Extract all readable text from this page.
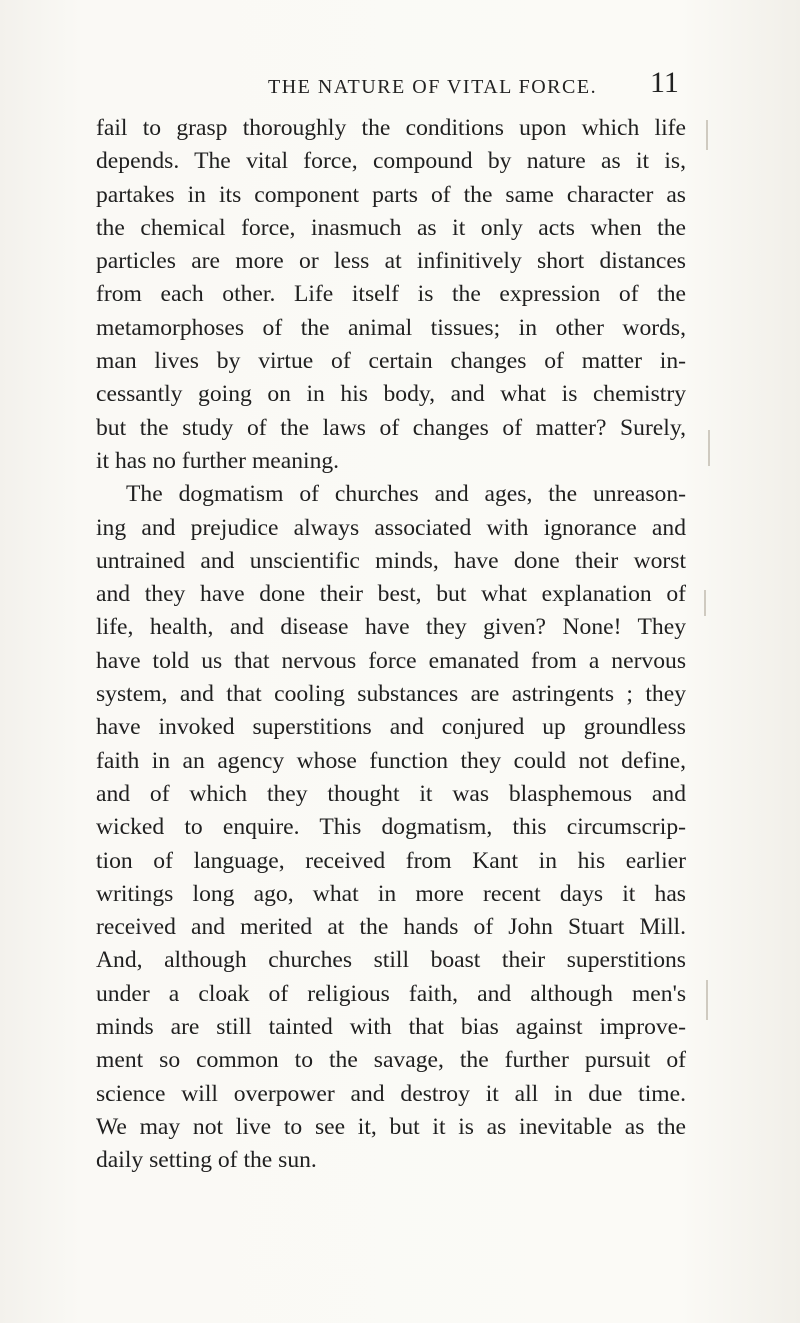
THE NATURE OF VITAL FORCE. 11
fail to grasp thoroughly the conditions upon which life
depends. The vital force, compound by nature as it is,
partakes in its component parts of the same character as
the chemical force, inasmuch as it only acts when the
particles are more or less at infinitively short distances
from each other. Life itself is the expression of the
metamorphoses of the animal tissues; in other words,
man lives by virtue of certain changes of matter in-
cessantly going on in his body, and what is chemistry
but the study of the laws of changes of matter? Surely,
it has no further meaning.
The dogmatism of churches and ages, the unreason-
ing and prejudice always associated with ignorance and
untrained and unscientific minds, have done their worst
and they have done their best, but what explanation of
life, health, and disease have they given? None! They
have told us that nervous force emanated from a nervous
system, and that cooling substances are astringents ; they
have invoked superstitions and conjured up groundless
faith in an agency whose function they could not define,
and of which they thought it was blasphemous and
wicked to enquire. This dogmatism, this circumscrip-
tion of language, received from Kant in his earlier
writings long ago, what in more recent days it has
received and merited at the hands of John Stuart Mill.
And, although churches still boast their superstitions
under a cloak of religious faith, and although men's
minds are still tainted with that bias against improve-
ment so common to the savage, the further pursuit of
science will overpower and destroy it all in due time.
We may not live to see it, but it is as inevitable as the
daily setting of the sun.
